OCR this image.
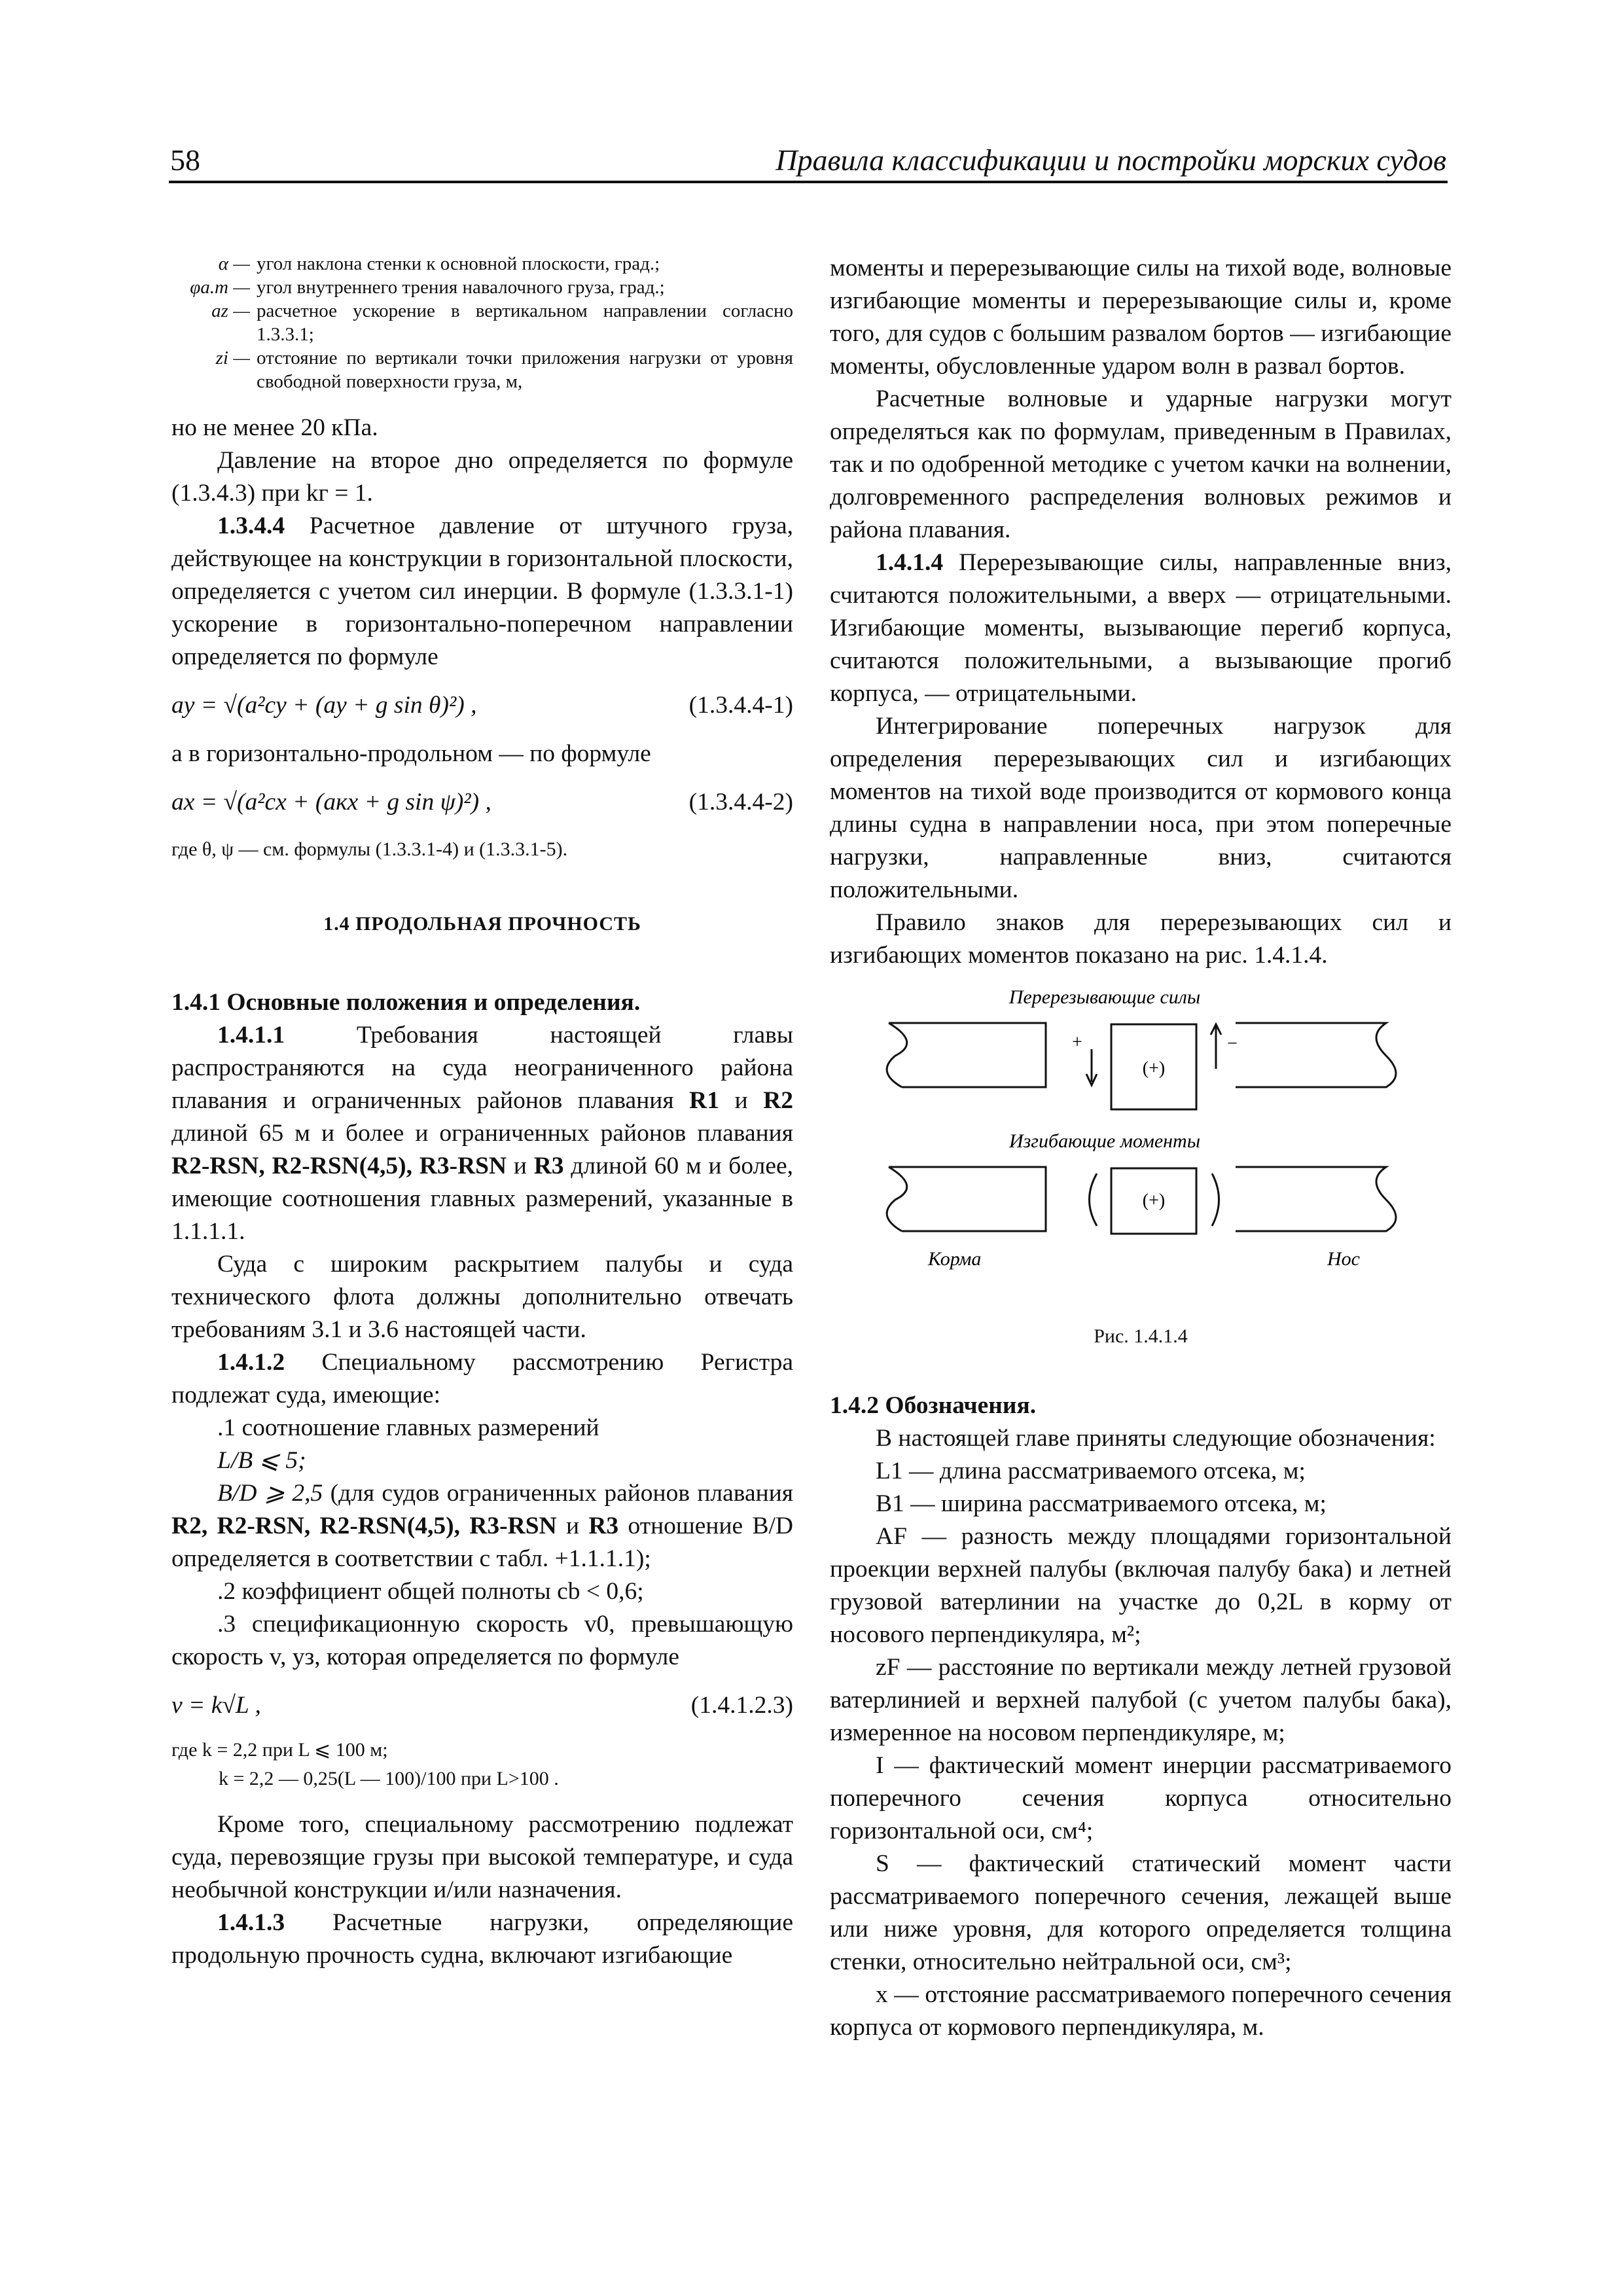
58	Правила классификации и постройки морских судов
α — угол наклона стенки к основной плоскости, град.;
φа.т — угол внутреннего трения навалочного груза, град.;
az — расчетное ускорение в вертикальном направлении согласно 1.3.3.1;
zi — отстояние по вертикали точки приложения нагрузки от уровня свободной поверхности груза, м,

но не менее 20 кПа.

Давление на второе дно определяется по формуле (1.3.4.3) при kг = 1.

1.3.4.4 Расчетное давление от штучного груза, действующее на конструкции в горизонтальной плоскости, определяется с учетом сил инерции. В формуле (1.3.3.1-1) ускорение в горизонтально-поперечном направлении определяется по формуле

ay = √(a²cy + (ay + g sin θ)²) ,	(1.3.4.4-1)

а в горизонтально-продольном — по формуле

ax = √(a²cx + (aкx + g sin ψ)²) ,	(1.3.4.4-2)
где θ, ψ — см. формулы (1.3.3.1-4) и (1.3.3.1-5).
1.4 ПРОДОЛЬНАЯ ПРОЧНОСТЬ

1.4.1 Основные положения и определения.

1.4.1.1	Требования настоящей главы распространяются на суда неограниченного района плавания и ограниченных районов плавания R1 и R2 длиной 65 м и более и ограниченных районов плавания R2-RSN, R2-RSN(4,5), R3-RSN и R3 длиной 60 м и более, имеющие соотношения главных размерений, указанные в 1.1.1.1.

Суда с широким раскрытием палубы и суда технического флота должны дополнительно отвечать требованиям 3.1 и 3.6 настоящей части.

1.4.1.2 Специальному рассмотрению Регистра подлежат суда, имеющие:

.1 соотношение главных размерений

L/B ⩽ 5;

B/D ⩾ 2,5 (для судов ограниченных районов плавания R2, R2-RSN, R2-RSN(4,5), R3-RSN и R3 отношение B/D определяется в соответствии с табл. +1.1.1.1);

.2 коэффициент общей полноты cb < 0,6;

.3 спецификационную скорость v0, превышающую скорость v, уз, которая определяется по формуле

v = k√L ,	(1.4.1.2.3)
где k = 2,2 при L ⩽ 100 м;
k = 2,2 — 0,25(L — 100)/100 при L>100 .

Кроме того, специальному рассмотрению подлежат суда, перевозящие грузы при высокой температуре, и суда необычной конструкции и/или назначения.

1.4.1.3 Расчетные нагрузки, определяющие продольную прочность судна, включают изгибающие

моменты и перерезывающие силы на тихой воде, волновые изгибающие моменты и перерезывающие силы и, кроме того, для судов с большим развалом бортов — изгибающие моменты, обусловленные ударом волн в развал бортов.

Расчетные волновые и ударные нагрузки могут определяться как по формулам, приведенным в Правилах, так и по одобренной методике с учетом качки на волнении, долговременного распределения волновых режимов и района плавания.

1.4.1.4 Перерезывающие силы, направленные вниз, считаются положительными, а вверх — отрицательными. Изгибающие моменты, вызывающие перегиб корпуса, считаются положительными, а вызывающие прогиб корпуса, — отрицательными.

Интегрирование поперечных нагрузок для определения перерезывающих сил и изгибающих моментов на тихой воде производится от кормового конца длины судна в направлении носа, при этом поперечные нагрузки, направленные вниз, считаются положительными.

Правило знаков для перерезывающих сил и изгибающих моментов показано на рис. 1.4.1.4.

Перерезывающие силы
+	−
(+)
Изгибающие моменты
(+)
Корма	Нос
Рис. 1.4.1.4

1.4.2 Обозначения.

В настоящей главе приняты следующие обозначения:

L1 — длина рассматриваемого отсека, м;

B1 — ширина рассматриваемого отсека, м;

AF — разность между площадями горизонтальной проекции верхней палубы (включая палубу бака) и летней грузовой ватерлинии на участке до 0,2L в корму от носового перпендикуляра, м²;

zF — расстояние по вертикали между летней грузовой ватерлинией и верхней палубой (с учетом палубы бака), измеренное на носовом перпендикуляре, м;

I — фактический момент инерции рассматриваемого поперечного сечения корпуса относительно горизонтальной оси, см⁴;

S — фактический статический момент части рассматриваемого поперечного сечения, лежащей выше или ниже уровня, для которого определяется толщина стенки, относительно нейтральной оси, см³;

x — отстояние рассматриваемого поперечного сечения корпуса от кормового перпендикуляра, м.
